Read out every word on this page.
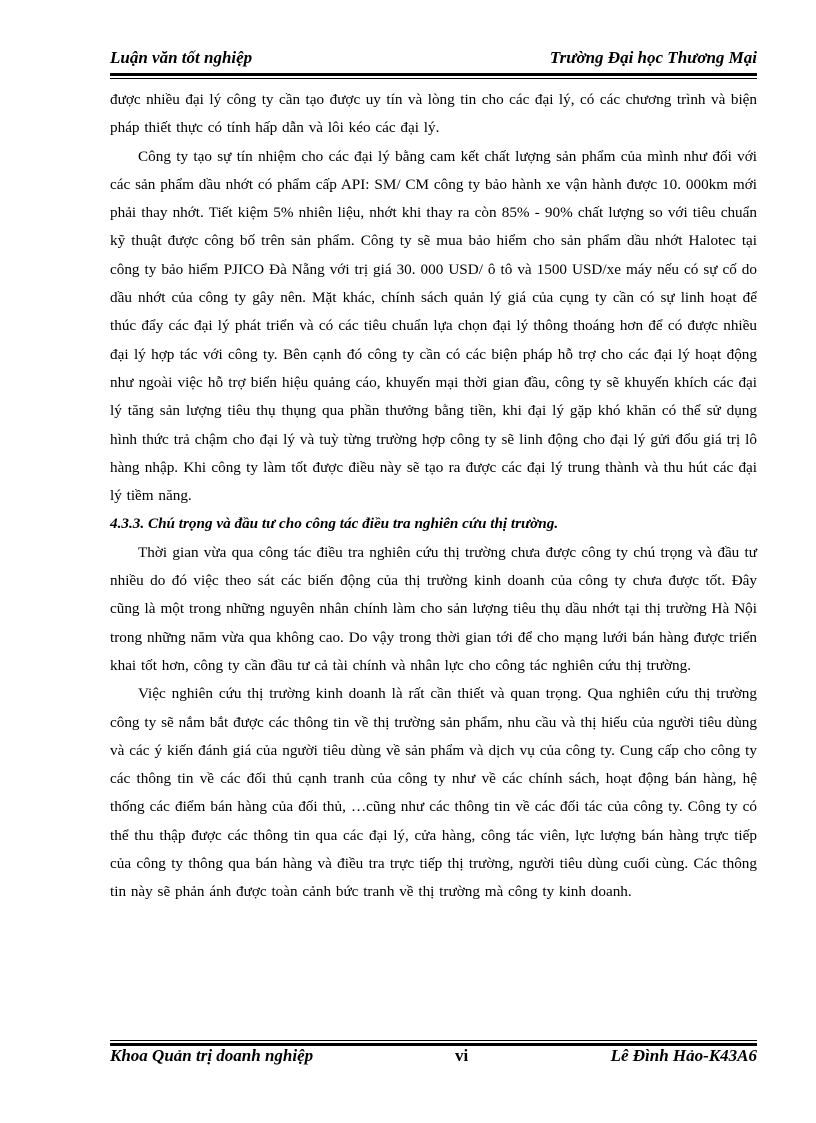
Luận văn tốt nghiệp	Trường Đại học Thương Mại

được nhiều đại lý công ty cần tạo được uy tín và lòng tin cho các đại lý, có các chương trình và biện pháp thiết thực có tính hấp dẫn và lôi kéo các đại lý.

Công ty tạo sự tín nhiệm cho các đại lý bằng cam kết chất lượng sản phẩm của mình như đối với các sản phẩm dầu nhớt có phẩm cấp API: SM/ CM công ty bảo hành xe vận hành được 10. 000km mới phải thay nhớt. Tiết kiệm 5% nhiên liệu, nhớt khi thay ra còn 85% - 90% chất lượng so với tiêu chuẩn kỹ thuật được công bố trên sản phẩm. Công ty sẽ mua bảo hiểm cho sản phẩm dầu nhớt Halotec tại công ty bảo hiểm PJICO Đà Nẵng với trị giá 30. 000 USD/ ô tô và 1500 USD/xe máy nếu có sự cố do dầu nhớt của công ty gây nên. Mặt khác, chính sách quản lý giá của cụng ty cần có sự linh hoạt để thúc đẩy các đại lý phát triển và có các tiêu chuẩn lựa chọn đại lý thông thoáng hơn để có được nhiều đại lý hợp tác với công ty. Bên cạnh đó công ty cần có các biện pháp hỗ trợ cho các đại lý hoạt động như ngoài việc hỗ trợ biển hiệu quảng cáo, khuyến mại thời gian đầu, công ty sẽ khuyến khích các đại lý tăng sản lượng tiêu thụ thụng qua phần thưởng bằng tiền, khi đại lý gặp khó khăn có thể sử dụng hình thức trả chậm cho đại lý và tuỳ từng trường hợp công ty sẽ linh động cho đại lý gửi đổu giá trị lô hàng nhập. Khi công ty làm tốt được điều này sẽ tạo ra được các đại lý trung thành và thu hút các đại lý tiềm năng.

4.3.3. Chú trọng và đầu tư cho công tác điều tra nghiên cứu thị trường.

Thời gian vừa qua công tác điều tra nghiên cứu thị trường chưa được công ty chú trọng và đầu tư nhiều do đó việc theo sát các biến động của thị trường kinh doanh của công ty chưa được tốt. Đây cũng là một trong những nguyên nhân chính làm cho sản lượng tiêu thụ dầu nhớt tại thị trường Hà Nội trong những năm vừa qua không cao. Do vậy trong thời gian tới để cho mạng lưới bán hàng được triển khai tốt hơn, công ty cần đầu tư cả tài chính và nhân lực cho công tác nghiên cứu thị trường.

Việc nghiên cứu thị trường kinh doanh là rất cần thiết và quan trọng. Qua nghiên cứu thị trường công ty sẽ nắm bắt được các thông tin về thị trường sản phẩm, nhu cầu và thị hiếu của người tiêu dùng và các ý kiến đánh giá của người tiêu dùng về sản phẩm và dịch vụ của công ty. Cung cấp cho công ty các thông tin về các đối thủ cạnh tranh của công ty như về các chính sách, hoạt động bán hàng, hệ thống các điểm bán hàng của đối thủ, …cũng như các thông tin về các đối tác của công ty. Công ty có thể thu thập được các thông tin qua các đại lý, cửa hàng, công tác viên, lực lượng bán hàng trực tiếp của công ty thông qua bán hàng và điều tra trực tiếp thị trường, người tiêu dùng cuối cùng. Các thông tin này sẽ phản ánh được toàn cảnh bức tranh về thị trường mà công ty kinh doanh.

Khoa Quản trị doanh nghiệp	vi	Lê Đình Hảo-K43A6
